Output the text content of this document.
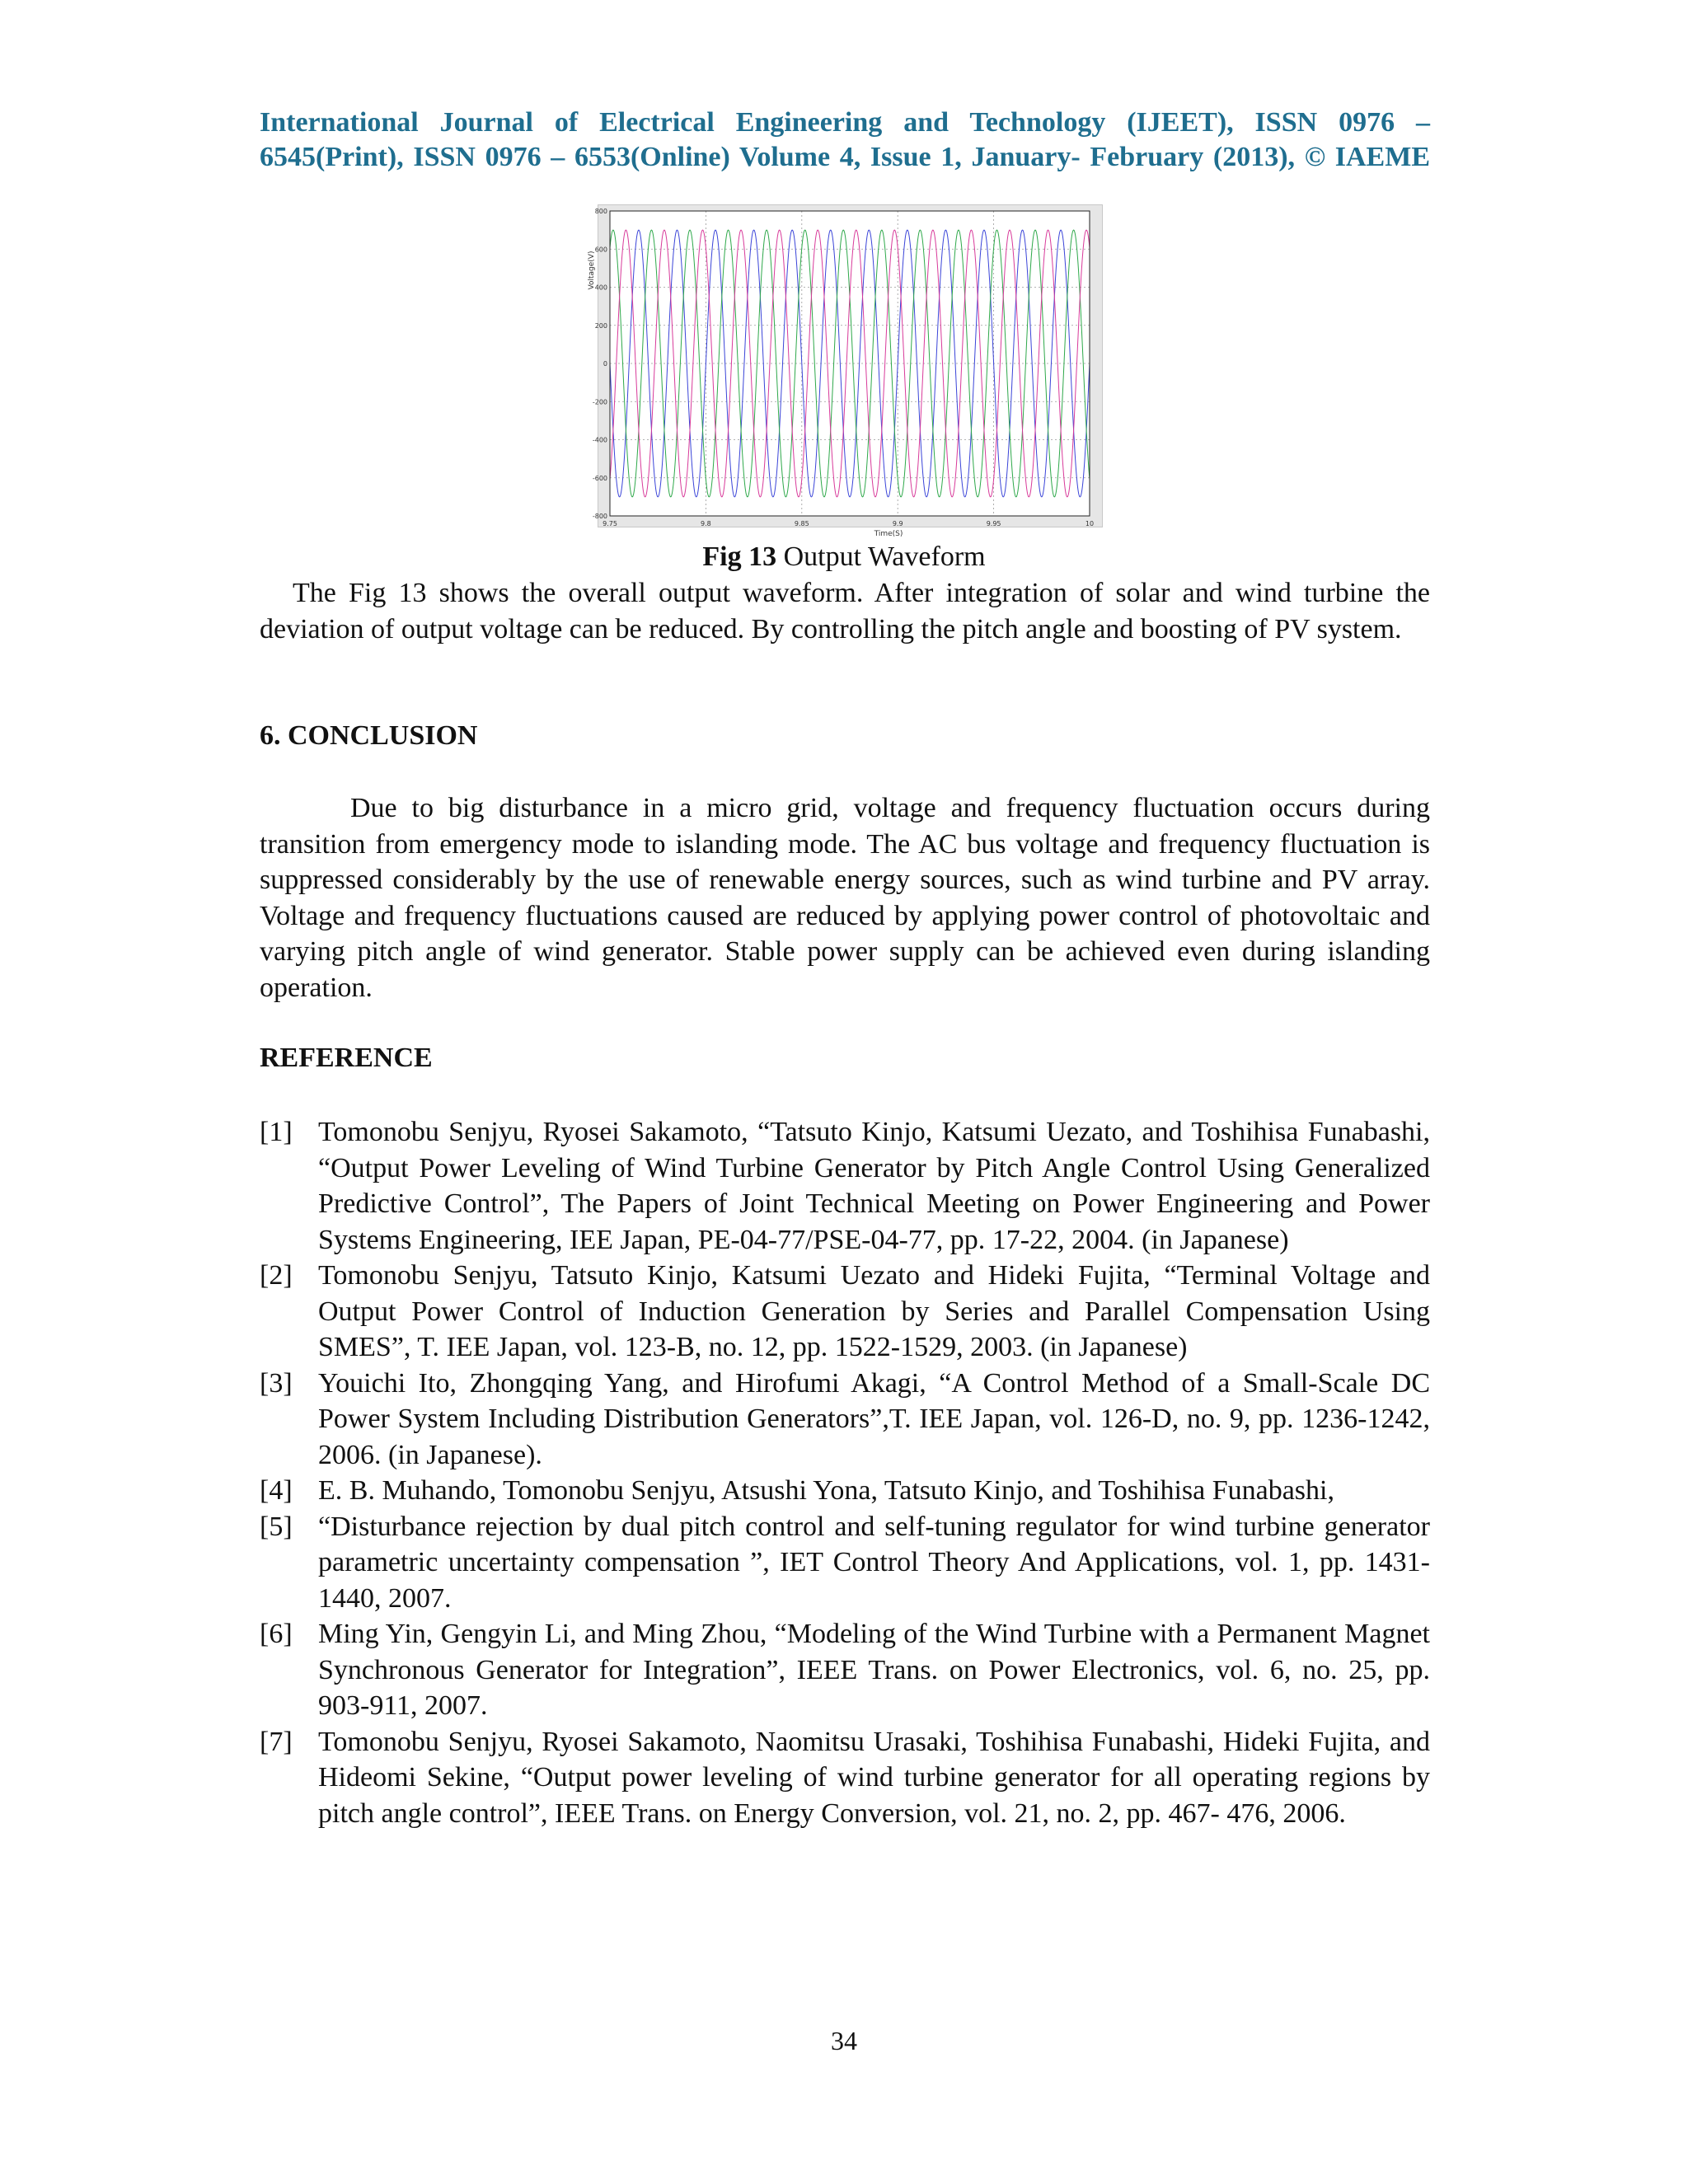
International Journal of Electrical Engineering and Technology (IJEET), ISSN 0976 –
6545(Print), ISSN 0976 – 6553(Online) Volume 4, Issue 1, January- February (2013), © IAEME
800
600
400
200
0
-200
-400
-600
-800
9.75	9.8	9.85	9.9	9.95	10
Time(S)
Voltage(V)
Fig 13 Output Waveform

The Fig 13 shows the overall output waveform. After integration of solar and wind turbine the deviation of output voltage can be reduced. By controlling the pitch angle and boosting of PV system.

6. CONCLUSION

Due to big disturbance in a micro grid, voltage and frequency fluctuation occurs during transition from emergency mode to islanding mode. The AC bus voltage and frequency fluctuation is suppressed considerably by the use of renewable energy sources, such as wind turbine and PV array. Voltage and frequency fluctuations caused are reduced by applying power control of photovoltaic and varying pitch angle of wind generator. Stable power supply can be achieved even during islanding operation.

REFERENCE
[1] Tomonobu Senjyu, Ryosei Sakamoto, “Tatsuto Kinjo, Katsumi Uezato, and Toshihisa Funabashi, “Output Power Leveling of Wind Turbine Generator by Pitch Angle Control Using Generalized Predictive Control”, The Papers of Joint Technical Meeting on Power Engineering and Power Systems Engineering, IEE Japan, PE-04-77/PSE-04-77, pp. 17-22, 2004. (in Japanese)
[2] Tomonobu Senjyu, Tatsuto Kinjo, Katsumi Uezato and Hideki Fujita, “Terminal Voltage and Output Power Control of Induction Generation by Series and Parallel Compensation Using SMES”, T. IEE Japan, vol. 123-B, no. 12, pp. 1522-1529, 2003. (in Japanese)
[3] Youichi Ito, Zhongqing Yang, and Hirofumi Akagi, “A Control Method of a Small-Scale DC Power System Including Distribution Generators”,T. IEE Japan, vol. 126-D, no. 9, pp. 1236-1242, 2006. (in Japanese).
[4] E. B. Muhando, Tomonobu Senjyu, Atsushi Yona, Tatsuto Kinjo, and Toshihisa Funabashi,
[5] “Disturbance rejection by dual pitch control and self-tuning regulator for wind turbine generator parametric uncertainty compensation ”, IET Control Theory And Applications, vol. 1, pp. 1431-1440, 2007.
[6] Ming Yin, Gengyin Li, and Ming Zhou, “Modeling of the Wind Turbine with a Permanent Magnet Synchronous Generator for Integration”, IEEE Trans. on Power Electronics, vol. 6, no. 25, pp. 903-911, 2007.
[7] Tomonobu Senjyu, Ryosei Sakamoto, Naomitsu Urasaki, Toshihisa Funabashi, Hideki Fujita, and Hideomi Sekine, “Output power leveling of wind turbine generator for all operating regions by pitch angle control”, IEEE Trans. on Energy Conversion, vol. 21, no. 2, pp. 467- 476, 2006.
34
